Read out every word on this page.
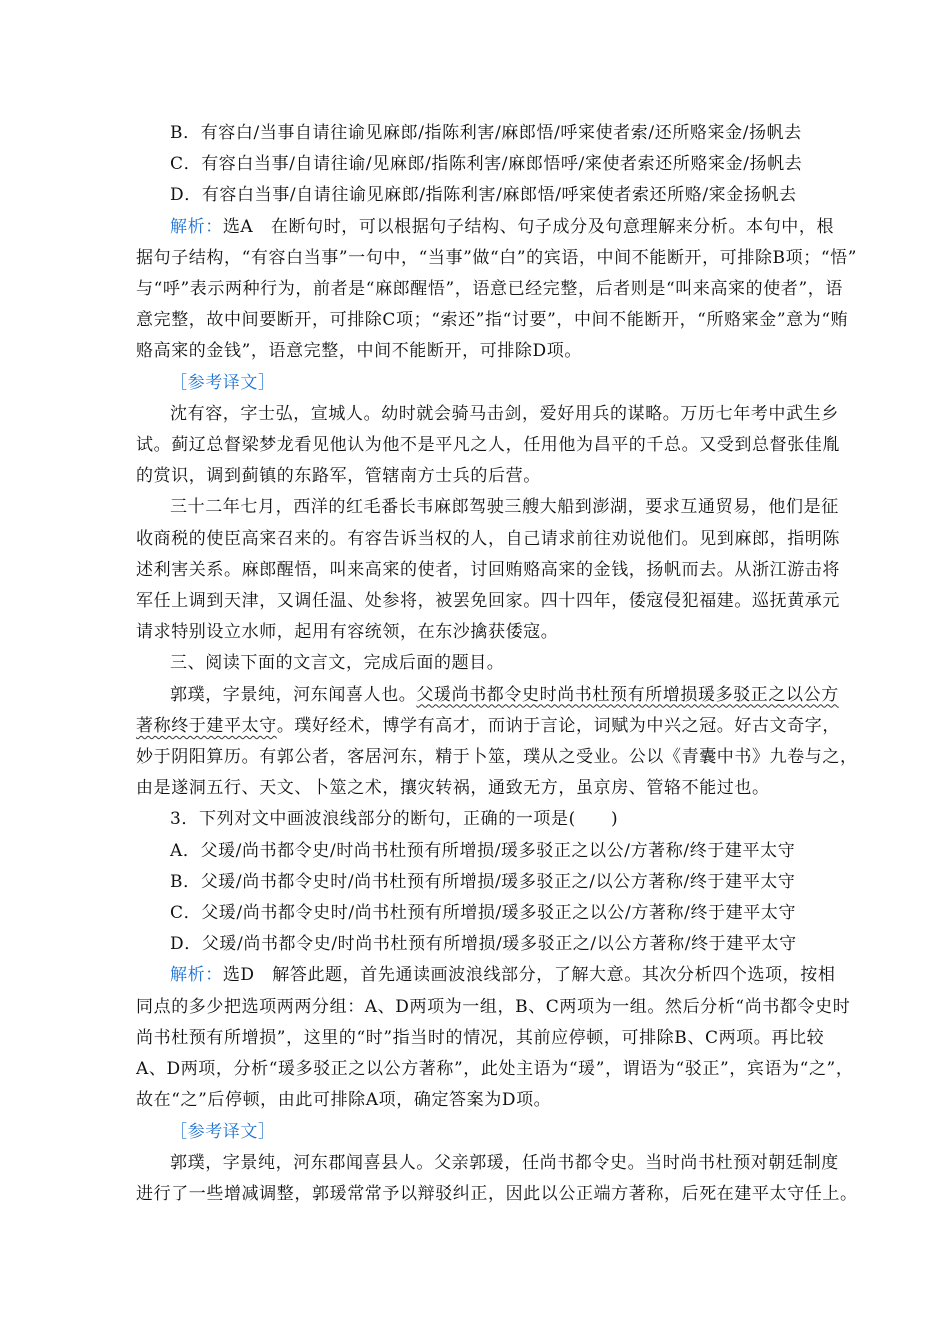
B．有容白/当事自请往谕见麻郎/指陈利害/麻郎悟/呼宷使者索/还所赂宷金/扬帆去
C．有容白当事/自请往谕/见麻郎/指陈利害/麻郎悟呼/宷使者索还所赂宷金/扬帆去
D．有容白当事/自请往谕见麻郎/指陈利害/麻郎悟/呼宷使者索还所赂/宷金扬帆去
解析：选A　在断句时，可以根据句子结构、句子成分及句意理解来分析。本句中，根
据句子结构，“有容白当事”一句中，“当事”做“白”的宾语，中间不能断开，可排除B项；“悟”
与“呼”表示两种行为，前者是“麻郎醒悟”，语意已经完整，后者则是“叫来高宷的使者”，语
意完整，故中间要断开，可排除C项；“索还”指“讨要”，中间不能断开，“所赂宷金”意为“贿
赂高宷的金钱”，语意完整，中间不能断开，可排除D项。
［参考译文］
沈有容，字士弘，宣城人。幼时就会骑马击剑，爱好用兵的谋略。万历七年考中武生乡
试。蓟辽总督梁梦龙看见他认为他不是平凡之人，任用他为昌平的千总。又受到总督张佳胤
的赏识，调到蓟镇的东路军，管辖南方士兵的后营。
三十二年七月，西洋的红毛番长韦麻郎驾驶三艘大船到澎湖，要求互通贸易，他们是征
收商税的使臣高宷召来的。有容告诉当权的人，自己请求前往劝说他们。见到麻郎，指明陈
述利害关系。麻郎醒悟，叫来高宷的使者，讨回贿赂高宷的金钱，扬帆而去。从浙江游击将
军任上调到天津，又调任温、处参将，被罢免回家。四十四年，倭寇侵犯福建。巡抚黄承元
请求特别设立水师，起用有容统领，在东沙擒获倭寇。
三、阅读下面的文言文，完成后面的题目。
郭璞，字景纯，河东闻喜人也。父瑗尚书都令史时尚书杜预有所增损瑗多驳正之以公方
著称终于建平太守。璞好经术，博学有高才，而讷于言论，词赋为中兴之冠。好古文奇字，
妙于阴阳算历。有郭公者，客居河东，精于卜筮，璞从之受业。公以《青囊中书》九卷与之，
由是遂洞五行、天文、卜筮之术，攘灾转祸，通致无方，虽京房、管辂不能过也。
3．下列对文中画波浪线部分的断句，正确的一项是(　　)
A．父瑗/尚书都令史/时尚书杜预有所增损/瑗多驳正之以公/方著称/终于建平太守
B．父瑗/尚书都令史时/尚书杜预有所增损/瑗多驳正之/以公方著称/终于建平太守
C．父瑗/尚书都令史时/尚书杜预有所增损/瑗多驳正之以公/方著称/终于建平太守
D．父瑗/尚书都令史/时尚书杜预有所增损/瑗多驳正之/以公方著称/终于建平太守
解析：选D　解答此题，首先通读画波浪线部分，了解大意。其次分析四个选项，按相
同点的多少把选项两两分组：A、D两项为一组，B、C两项为一组。然后分析“尚书都令史时
尚书杜预有所增损”，这里的“时”指当时的情况，其前应停顿，可排除B、C两项。再比较
A、D两项，分析“瑗多驳正之以公方著称”，此处主语为“瑗”，谓语为“驳正”，宾语为“之”，
故在“之”后停顿，由此可排除A项，确定答案为D项。
［参考译文］
郭璞，字景纯，河东郡闻喜县人。父亲郭瑗，任尚书都令史。当时尚书杜预对朝廷制度
进行了一些增减调整，郭瑗常常予以辩驳纠正，因此以公正端方著称，后死在建平太守任上。
